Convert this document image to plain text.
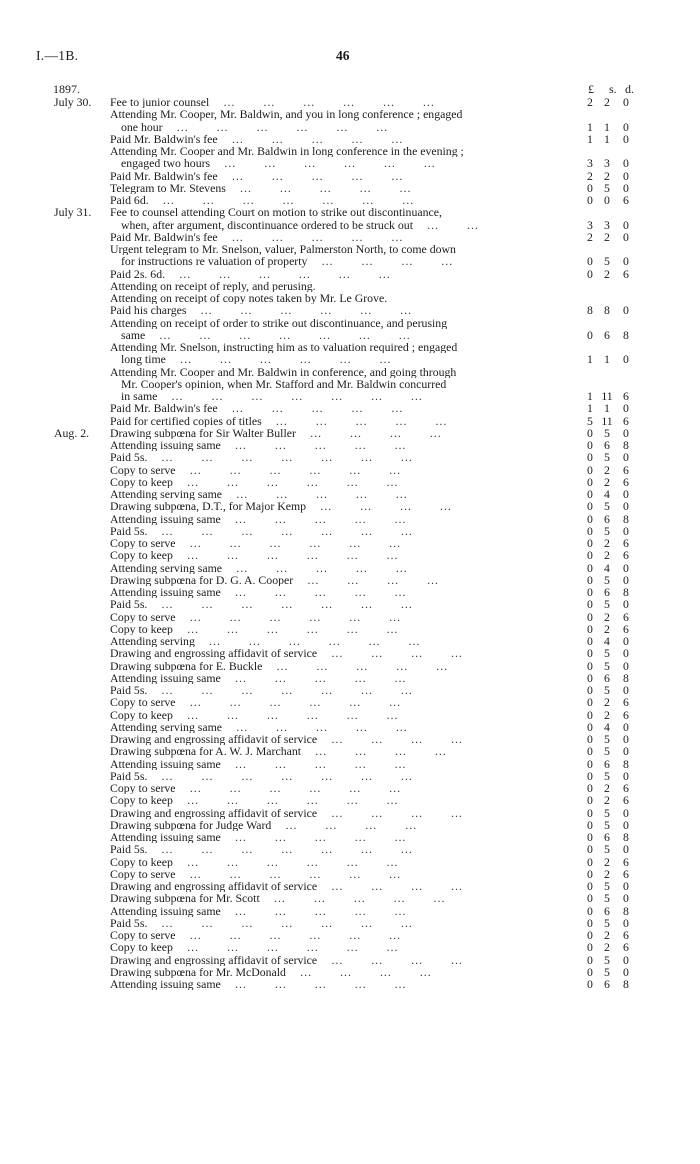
I.—1B.	46
1897.	£ s. d.
July 30.	Fee to junior counsel    …        …        …        …        …        …	2 2	0
Attending Mr. Cooper, Mr. Baldwin, and you in long conference ; engaged
one hour    …        …        …        …        …        …	1 1	0
Paid Mr. Baldwin's fee    …        …        …        …        …	1 1	0
Attending Mr. Cooper and Mr. Baldwin in long conference in the evening ;
engaged two hours    …        …        …        …        …        …	3 3	0
Paid Mr. Baldwin's fee    …        …        …        …        …	2 2	0
Telegram to Mr. Stevens    …        …        …        …        …	0 5	0
Paid 6d.    …        …        …        …        …        …        …	0 0	6
July 31.	Fee to counsel attending Court on motion to strike out discontinuance,
when, after argument, discontinuance ordered to be struck out    …        …	3 3	0
Paid Mr. Baldwin's fee    …        …        …        …        …	2 2	0
Urgent telegram to Mr. Snelson, valuer, Palmerston North, to come down
for instructions re valuation of property    …        …        …        …	0 5	0
Paid 2s. 6d.    …        …        …        …        …        …	0 2	6
Attending on receipt of reply, and perusing.
Attending on receipt of copy notes taken by Mr. Le Grove.
Paid his charges    …        …        …        …        …        …	8 8	0
Attending on receipt of order to strike out discontinuance, and perusing
same    …        …        …        …        …        …        …	0 6	8
Attending Mr. Snelson, instructing him as to valuation required ; engaged
long time    …        …        …        …        …        …	1 1	0
Attending Mr. Cooper and Mr. Baldwin in conference, and going through
Mr. Cooper's opinion, when Mr. Stafford and Mr. Baldwin concurred
in same    …        …        …        …        …        …        …	1 11 6
Paid Mr. Baldwin's fee    …        …        …        …        …	1 1	0
Paid for certified copies of titles    …        …        …        …        …	5 11 6
Aug. 2.	Drawing subpœna for Sir Walter Buller    …        …        …        …	0 5	0
Attending issuing same    …        …        …        …        …	0 6	8
Paid 5s.    …        …        …        …        …        …        …	0 5	0
Copy to serve    …        …        …        …        …        …	0 2	6
Copy to keep    …        …        …        …        …        …	0 2	6
Attending serving same    …        …        …        …        …	0 4	0
Drawing subpœna, D.T., for Major Kemp    …        …        …        …	0 5	0
Attending issuing same    …        …        …        …        …	0 6	8
Paid 5s.    …        …        …        …        …        …        …	0 5	0
Copy to serve    …        …        …        …        …        …	0 2	6
Copy to keep    …        …        …        …        …        …	0 2	6
Attending serving same    …        …        …        …        …	0 4	0
Drawing subpœna for D. G. A. Cooper    …        …        …        …	0 5	0
Attending issuing same    …        …        …        …        …	0 6	8
Paid 5s.    …        …        …        …        …        …        …	0 5	0
Copy to serve    …        …        …        …        …        …	0 2	6
Copy to keep    …        …        …        …        …        …	0 2	6
Attending serving    …        …        …        …        …        …	0 4	0
Drawing and engrossing affidavit of service    …        …        …        …	0 5	0
Drawing subpœna for E. Buckle    …        …        …        …        …	0 5	0
Attending issuing same    …        …        …        …        …	0 6	8
Paid 5s.    …        …        …        …        …        …        …	0 5	0
Copy to serve    …        …        …        …        …        …	0 2	6
Copy to keep    …        …        …        …        …        …	0 2	6
Attending serving same    …        …        …        …        …	0 4	0
Drawing and engrossing affidavit of service    …        …        …        …	0 5	0
Drawing subpœna for A. W. J. Marchant    …        …        …        …	0 5	0
Attending issuing same    …        …        …        …        …	0 6	8
Paid 5s.    …        …        …        …        …        …        …	0 5	0
Copy to serve    …        …        …        …        …        …	0 2	6
Copy to keep    …        …        …        …        …        …	0 2	6
Drawing and engrossing affidavit of service    …        …        …        …	0 5	0
Drawing subpœna for Judge Ward    …        …        …        …	0 5	0
Attending issuing same    …        …        …        …        …	0 6	8
Paid 5s.    …        …        …        …        …        …        …	0 5	0
Copy to keep    …        …        …        …        …        …	0 2	6
Copy to serve    …        …        …        …        …        …	0 2	6
Drawing and engrossing affidavit of service    …        …        …        …	0 5	0
Drawing subpœna for Mr. Scott    …        …        …        …        …	0 5	0
Attending issuing same    …        …        …        …        …	0 6	8
Paid 5s.    …        …        …        …        …        …        …	0 5	0
Copy to serve    …        …        …        …        …        …	0 2	6
Copy to keep    …        …        …        …        …        …	0 2	6
Drawing and engrossing affidavit of service    …        …        …        …	0 5	0
Drawing subpœna for Mr. McDonald    …        …        …        …	0 5	0
Attending issuing same    …        …        …        …        …	0 6	8
